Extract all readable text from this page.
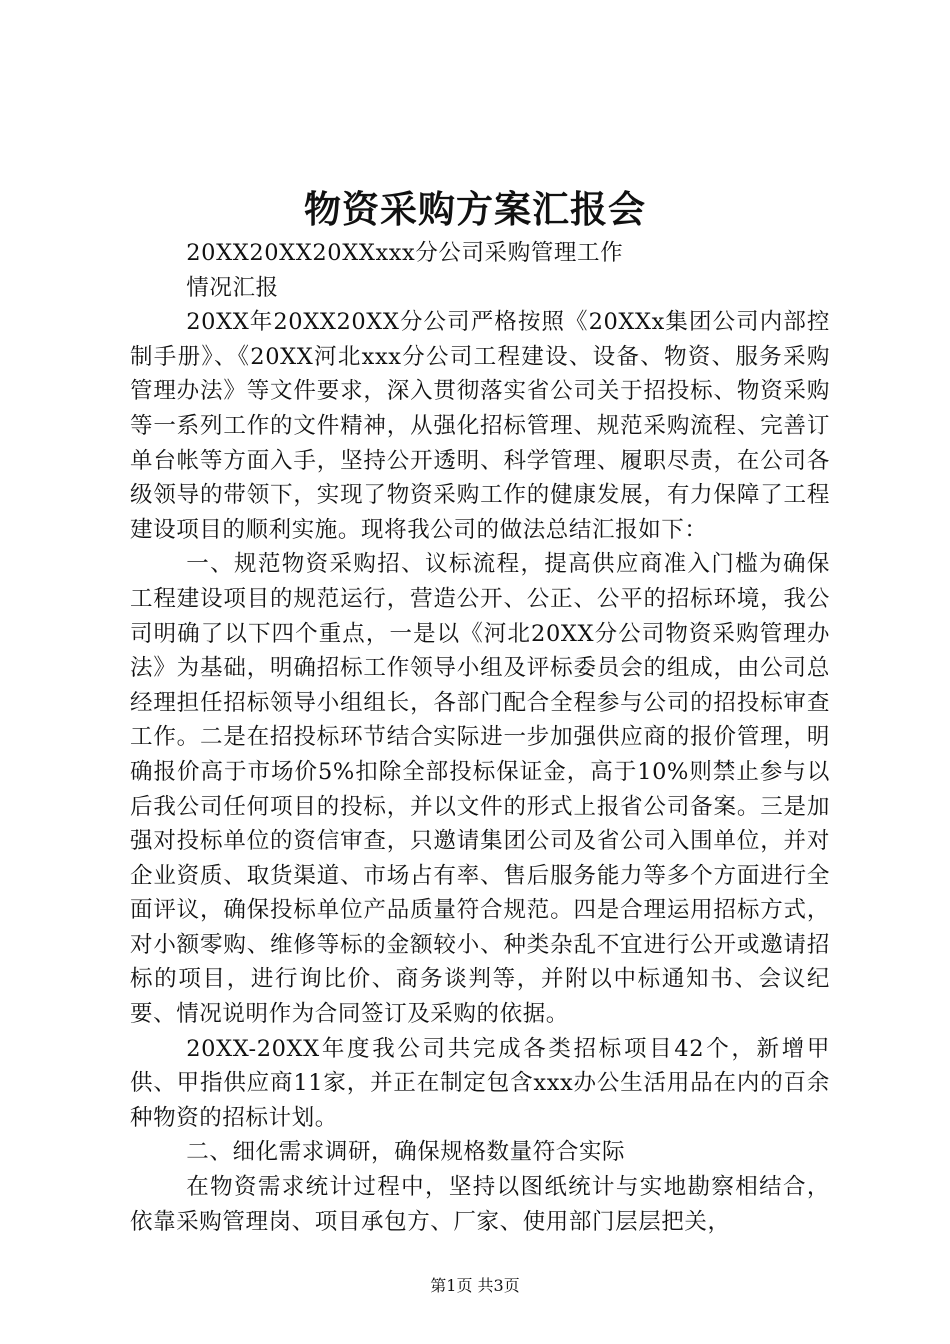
物资采购方案汇报会

20XX20XX20XXxxx分公司采购管理工作

情况汇报

20XX年20XX20XX分公司严格按照《20XXx集团公司内部控制手册》、《20XX河北xxx分公司工程建设、设备、物资、服务采购管理办法》等文件要求，深入贯彻落实省公司关于招投标、物资采购等一系列工作的文件精神，从强化招标管理、规范采购流程、完善订单台帐等方面入手，坚持公开透明、科学管理、履职尽责，在公司各级领导的带领下，实现了物资采购工作的健康发展，有力保障了工程建设项目的顺利实施。现将我公司的做法总结汇报如下：

一、规范物资采购招、议标流程，提高供应商准入门槛为确保工程建设项目的规范运行，营造公开、公正、公平的招标环境，我公司明确了以下四个重点，一是以《河北20XX分公司物资采购管理办法》为基础，明确招标工作领导小组及评标委员会的组成，由公司总经理担任招标领导小组组长，各部门配合全程参与公司的招投标审查工作。二是在招投标环节结合实际进一步加强供应商的报价管理，明确报价高于市场价5%扣除全部投标保证金，高于10%则禁止参与以后我公司任何项目的投标，并以文件的形式上报省公司备案。三是加强对投标单位的资信审查，只邀请集团公司及省公司入围单位，并对企业资质、取货渠道、市场占有率、售后服务能力等多个方面进行全面评议，确保投标单位产品质量符合规范。四是合理运用招标方式，对小额零购、维修等标的金额较小、种类杂乱不宜进行公开或邀请招标的项目，进行询比价、商务谈判等，并附以中标通知书、会议纪要、情况说明作为合同签订及采购的依据。

20XX-20XX年度我公司共完成各类招标项目42个，新增甲供、甲指供应商11家，并正在制定包含xxx办公生活用品在内的百余种物资的招标计划。

二、细化需求调研，确保规格数量符合实际

在物资需求统计过程中，坚持以图纸统计与实地勘察相结合，依靠采购管理岗、项目承包方、厂家、使用部门层层把关，

第1页 共3页
